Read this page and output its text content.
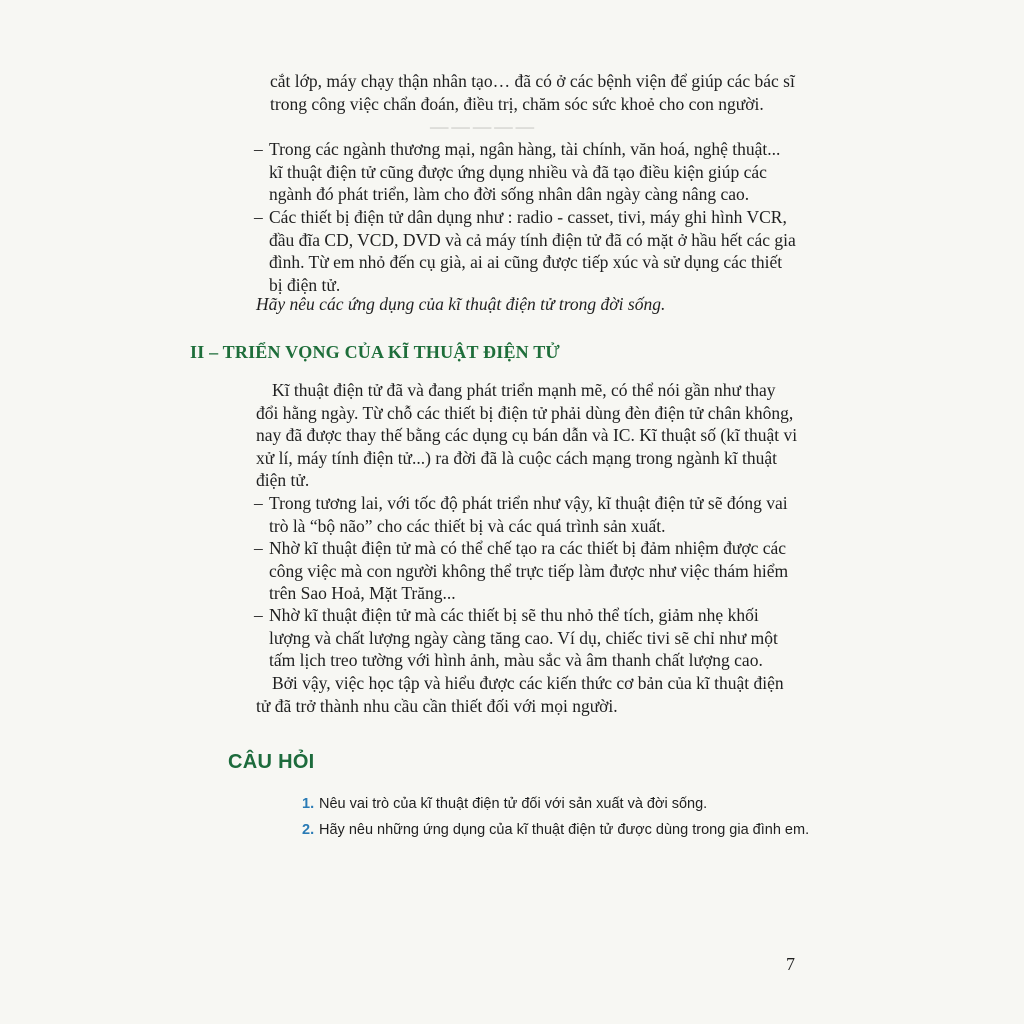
─────

cắt lớp, máy chạy thận nhân tạo… đã có ở các bệnh viện để giúp các bác sĩ trong công việc chẩn đoán, điều trị, chăm sóc sức khoẻ cho con người.

– Trong các ngành thương mại, ngân hàng, tài chính, văn hoá, nghệ thuật... kĩ thuật điện tử cũng được ứng dụng nhiều và đã tạo điều kiện giúp các ngành đó phát triển, làm cho đời sống nhân dân ngày càng nâng cao.

– Các thiết bị điện tử dân dụng như : radio - casset, tivi, máy ghi hình VCR, đầu đĩa CD, VCD, DVD và cả máy tính điện tử đã có mặt ở hầu hết các gia đình. Từ em nhỏ đến cụ già, ai ai cũng được tiếp xúc và sử dụng các thiết bị điện tử.

Hãy nêu các ứng dụng của kĩ thuật điện tử trong đời sống.

II – TRIỂN VỌNG CỦA KĨ THUẬT ĐIỆN TỬ

Kĩ thuật điện tử đã và đang phát triển mạnh mẽ, có thể nói gần như thay đổi hằng ngày. Từ chỗ các thiết bị điện tử phải dùng đèn điện tử chân không, nay đã được thay thế bằng các dụng cụ bán dẫn và IC. Kĩ thuật số (kĩ thuật vi xử lí, máy tính điện tử...) ra đời đã là cuộc cách mạng trong ngành kĩ thuật điện tử.

– Trong tương lai, với tốc độ phát triển như vậy, kĩ thuật điện tử sẽ đóng vai trò là “bộ não” cho các thiết bị và các quá trình sản xuất.

– Nhờ kĩ thuật điện tử mà có thể chế tạo ra các thiết bị đảm nhiệm được các công việc mà con người không thể trực tiếp làm được như việc thám hiểm trên Sao Hoả, Mặt Trăng...

– Nhờ kĩ thuật điện tử mà các thiết bị sẽ thu nhỏ thể tích, giảm nhẹ khối lượng và chất lượng ngày càng tăng cao. Ví dụ, chiếc tivi sẽ chỉ như một tấm lịch treo tường với hình ảnh, màu sắc và âm thanh chất lượng cao.

Bởi vậy, việc học tập và hiểu được các kiến thức cơ bản của kĩ thuật điện tử đã trở thành nhu cầu cần thiết đối với mọi người.

CÂU HỎI
1. Nêu vai trò của kĩ thuật điện tử đối với sản xuất và đời sống.

2. Hãy nêu những ứng dụng của kĩ thuật điện tử được dùng trong gia đình em.

7
